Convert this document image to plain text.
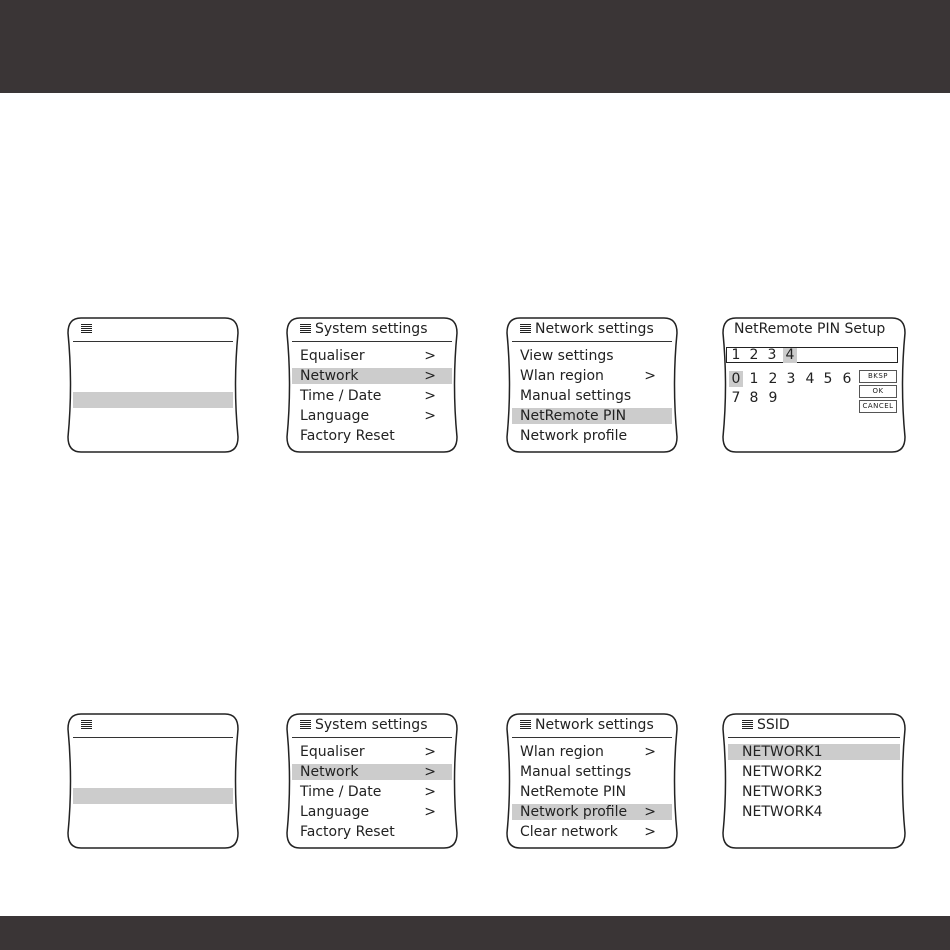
System settings
Equaliser	>
Network	>
Time / Date	>
Language	>
Factory Reset
Network settings
View settings
Wlan region	>
Manual settings
NetRemote PIN
Network profile
NetRemote PIN Setup
1 2 3 4
0 1 2 3 4 5 6
7 8 9
BKSP
OK
CANCEL
System settings
Equaliser	>
Network	>
Time / Date	>
Language	>
Factory Reset
Network settings
Wlan region	>
Manual settings
NetRemote PIN
Network profile >
Clear network >
SSID
NETWORK1
NETWORK2
NETWORK3
NETWORK4
